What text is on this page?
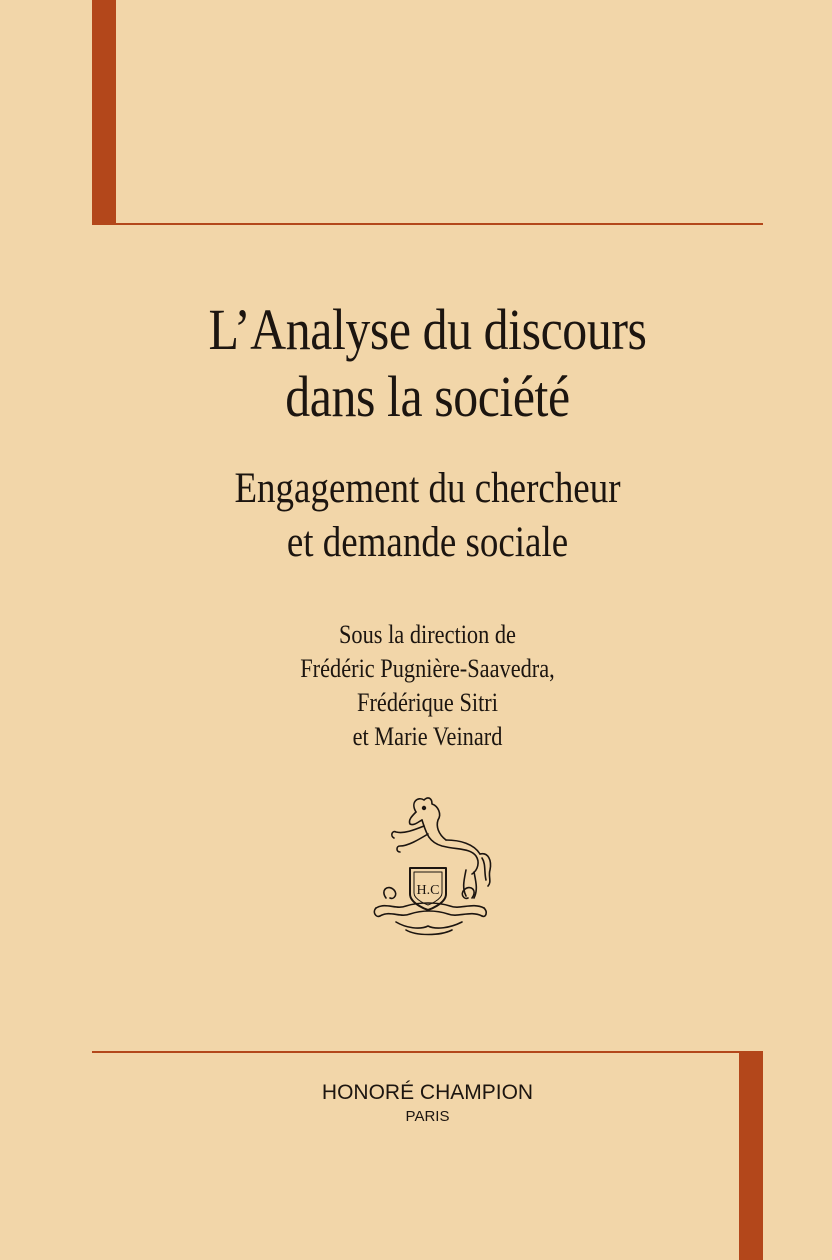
L’Analyse du discours
dans la société
Engagement du chercheur
et demande sociale
Sous la direction de
Frédéric Pugnière-Saavedra,
Frédérique Sitri
et Marie Veinard
H.C
HONORÉ CHAMPION
PARIS
